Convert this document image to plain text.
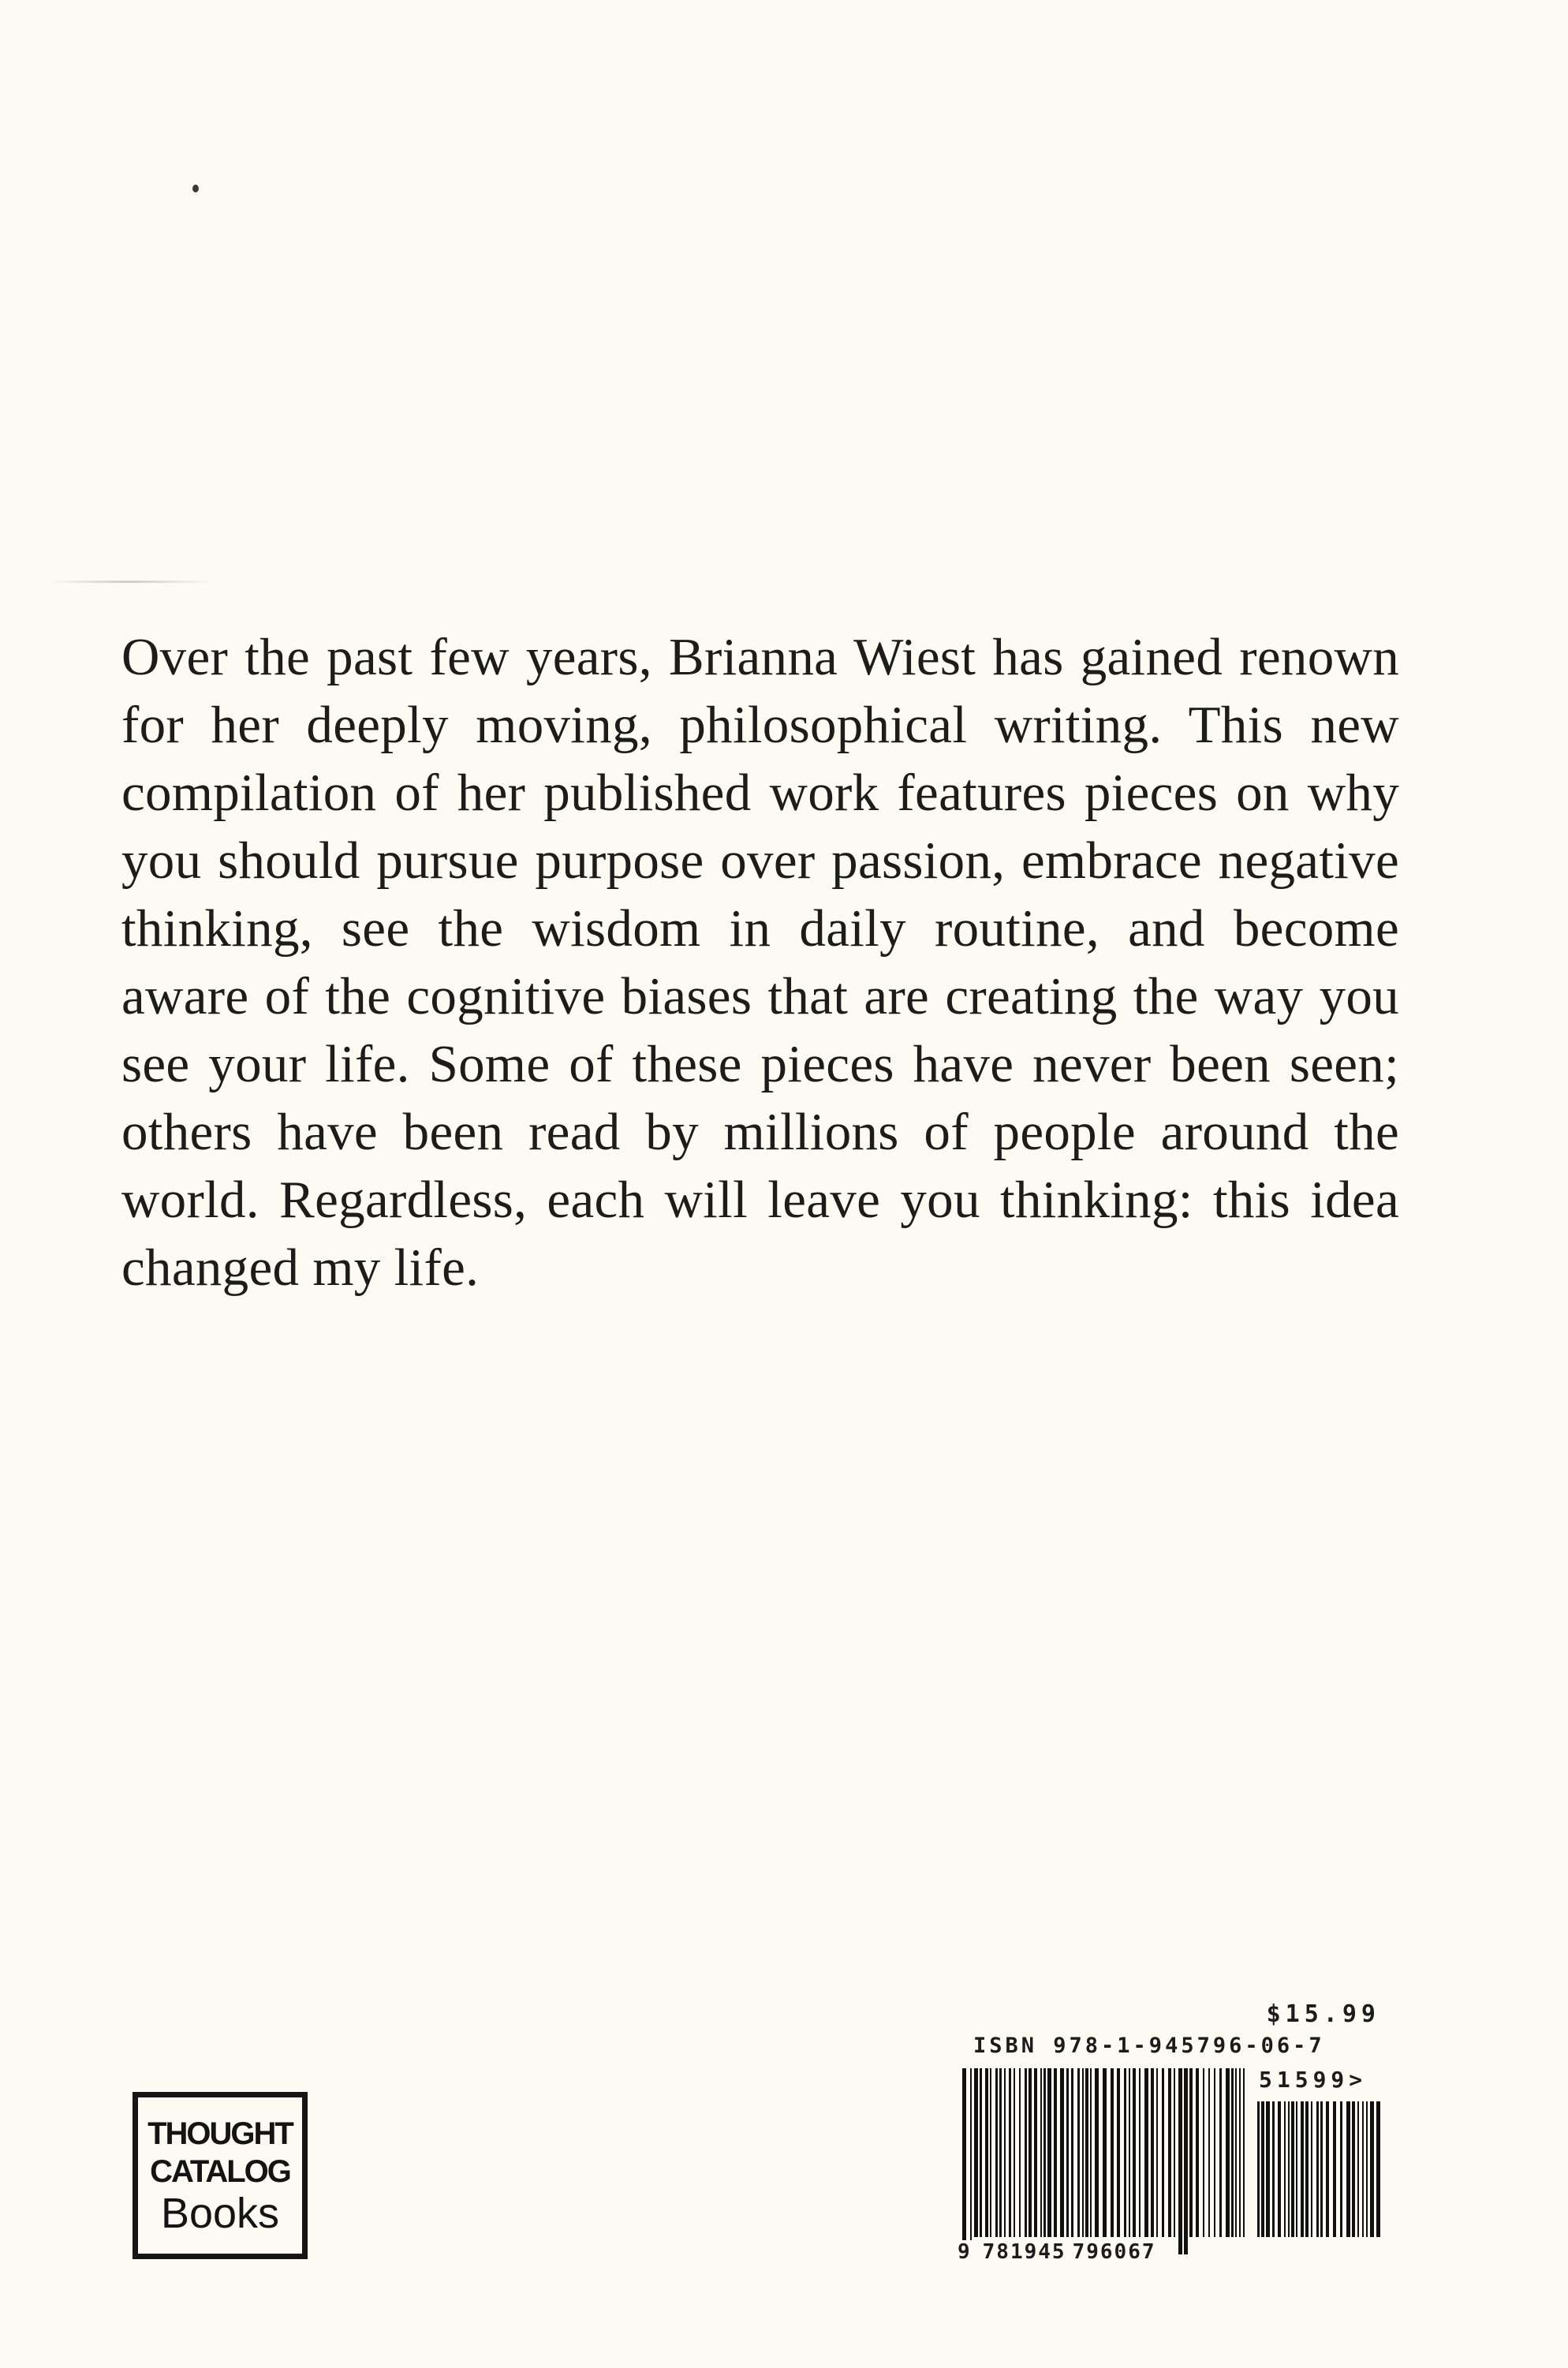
Over the past few years, Brianna Wiest has gained renown for her deeply moving, philosophical writing. This new compilation of her published work features pieces on why you should pursue purpose over passion, embrace negative thinking, see the wisdom in daily routine, and become aware of the cognitive biases that are creating the way you see your life. Some of these pieces have never been seen; others have been read by millions of people around the world. Regardless, each will leave you thinking: this idea changed my life.

THOUGHT
CATALOG
Books
$15.99
ISBN 978-1-945796-06-7
51599>
9 781945 796067
